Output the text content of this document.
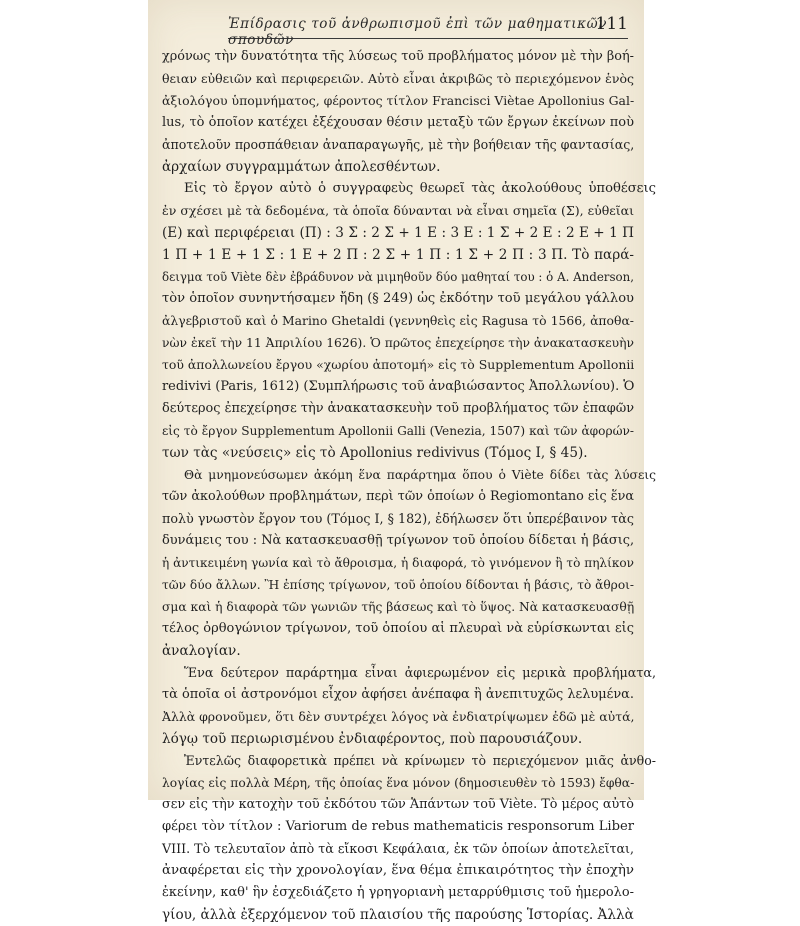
Ἐπίδρασις τοῦ ἀνθρωπισμοῦ ἐπὶ τῶν μαθηματικῶν σπουδῶν
111
χρόνως τὴν δυνατότητα τῆς λύσεως τοῦ προβλήματος μόνον μὲ τὴν βοή-
θειαν εὐθειῶν καὶ περιφερειῶν. Αὐτὸ εἶναι ἀκριβῶς τὸ περιεχόμενον ἑνὸς
ἀξιολόγου ὑπομνήματος, φέροντος τίτλον Francisci Viètae Apollonius Gal-
lus, τὸ ὁποῖον κατέχει ἐξέχουσαν θέσιν μεταξὺ τῶν ἔργων ἐκείνων ποὺ
ἀποτελοῦν προσπάθειαν ἀναπαραγωγῆς, μὲ τὴν βοήθειαν τῆς φαντασίας,
ἀρχαίων συγγραμμάτων ἀπολεσθέντων.
Εἰς τὸ ἔργον αὐτὸ ὁ συγγραφεὺς θεωρεῖ τὰς ἀκολούθους ὑποθέσεις
ἐν σχέσει μὲ τὰ δεδομένα, τὰ ὁποῖα δύνανται νὰ εἶναι σημεῖα (Σ), εὐθεῖαι
(Ε) καὶ περιφέρειαι (Π) : 3 Σ : 2 Σ + 1 Ε : 3 Ε : 1 Σ + 2 Ε : 2 Ε + 1 Π
1 Π + 1 Ε + 1 Σ : 1 Ε + 2 Π : 2 Σ + 1 Π : 1 Σ + 2 Π : 3 Π. Τὸ παρά-
δειγμα τοῦ Viète δὲν ἐβράδυνον νὰ μιμηθοῦν δύο μαθηταί του : ὁ A. Anderson,
τὸν ὁποῖον συνηντήσαμεν ἤδη (§ 249) ὡς ἐκδότην τοῦ μεγάλου γάλλου
ἀλγεβριστοῦ καὶ ὁ Marino Ghetaldi (γεννηθεὶς εἰς Ragusa τὸ 1566, ἀποθα-
νὼν ἐκεῖ τὴν 11 Ἀπριλίου 1626). Ὁ πρῶτος ἐπεχείρησε τὴν ἀνακατασκευὴν
τοῦ ἀπολλωνείου ἔργου «χωρίου ἀποτομή» εἰς τὸ Supplementum Apollonii
redivivi (Paris, 1612) (Συμπλήρωσις τοῦ ἀναβιώσαντος Ἀπολλωνίου). Ὁ
δεύτερος ἐπεχείρησε τὴν ἀνακατασκευὴν τοῦ προβλήματος τῶν ἐπαφῶν
εἰς τὸ ἔργον Supplementum Apollonii Galli (Venezia, 1507) καὶ τῶν ἀφορών-
των τὰς «νεύσεις» εἰς τὸ Apollonius redivivus (Τόμος Ι, § 45).
Θὰ μνημονεύσωμεν ἀκόμη ἕνα παράρτημα ὅπου ὁ Viète δίδει τὰς λύσεις
τῶν ἀκολούθων προβλημάτων, περὶ τῶν ὁποίων ὁ Regiomontano εἰς ἕνα
πολὺ γνωστὸν ἔργον του (Τόμος Ι, § 182), ἐδήλωσεν ὅτι ὑπερέβαινον τὰς
δυνάμεις του : Νὰ κατασκευασθῇ τρίγωνον τοῦ ὁποίου δίδεται ἡ βάσις,
ἡ ἀντικειμένη γωνία καὶ τὸ ἄθροισμα, ἡ διαφορά, τὸ γινόμενον ἢ τὸ πηλίκον
τῶν δύο ἄλλων. Ἢ ἐπίσης τρίγωνον, τοῦ ὁποίου δίδονται ἡ βάσις, τὸ ἄθροι-
σμα καὶ ἡ διαφορὰ τῶν γωνιῶν τῆς βάσεως καὶ τὸ ὕψος. Νὰ κατασκευασθῇ
τέλος ὀρθογώνιον τρίγωνον, τοῦ ὁποίου αἱ πλευραὶ νὰ εὑρίσκωνται εἰς
ἀναλογίαν.
Ἕνα δεύτερον παράρτημα εἶναι ἀφιερωμένον εἰς μερικὰ προβλήματα,
τὰ ὁποῖα οἱ ἀστρονόμοι εἶχον ἀφήσει ἀνέπαφα ἢ ἀνεπιτυχῶς λελυμένα.
Ἀλλὰ φρονοῦμεν, ὅτι δὲν συντρέχει λόγος νὰ ἐνδιατρίψωμεν ἐδῶ μὲ αὐτά,
λόγῳ τοῦ περιωρισμένου ἐνδιαφέροντος, ποὺ παρουσιάζουν.
Ἐντελῶς διαφορετικὰ πρέπει νὰ κρίνωμεν τὸ περιεχόμενον μιᾶς ἀνθο-
λογίας εἰς πολλὰ Μέρη, τῆς ὁποίας ἕνα μόνον (δημοσιευθὲν τὸ 1593) ἔφθα-
σεν εἰς τὴν κατοχὴν τοῦ ἐκδότου τῶν Ἁπάντων τοῦ Viète. Τὸ μέρος αὐτὸ
φέρει τὸν τίτλον : Variorum de rebus mathematicis responsorum Liber
VIII. Τὸ τελευταῖον ἀπὸ τὰ εἴκοσι Κεφάλαια, ἐκ τῶν ὁποίων ἀποτελεῖται,
ἀναφέρεται εἰς τὴν χρονολογίαν, ἕνα θέμα ἐπικαιρότητος τὴν ἐποχὴν
ἐκείνην, καθ' ἣν ἐσχεδιάζετο ἡ γρηγοριανὴ μεταρρύθμισις τοῦ ἡμερολο-
γίου, ἀλλὰ ἐξερχόμενον τοῦ πλαισίου τῆς παρούσης Ἱστορίας. Ἀλλὰ
